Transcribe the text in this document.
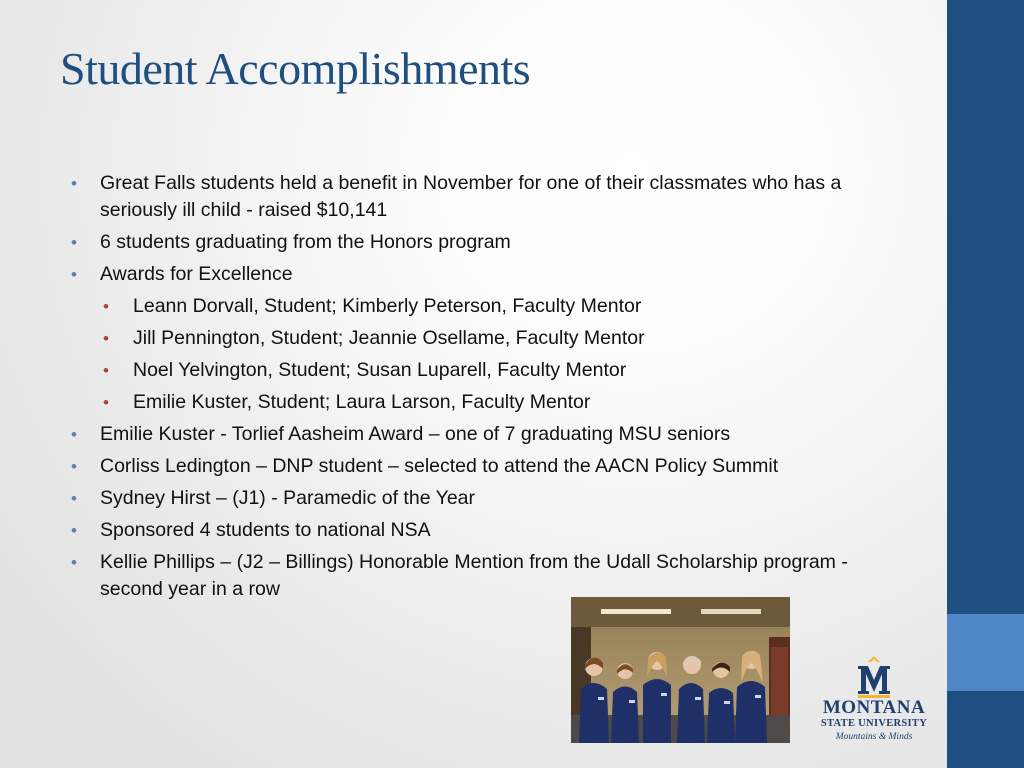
Student Accomplishments
• Great Falls students held a benefit in November for one of their classmates who has a seriously ill child - raised $10,141
• 6 students graduating from the Honors program
• Awards for Excellence
• Leann Dorvall, Student; Kimberly Peterson, Faculty Mentor
• Jill Pennington, Student; Jeannie Osellame, Faculty Mentor
• Noel Yelvington, Student; Susan Luparell, Faculty Mentor
• Emilie Kuster, Student; Laura Larson, Faculty Mentor
• Emilie Kuster - Torlief Aasheim Award – one of 7 graduating MSU seniors
• Corliss Ledington – DNP student – selected to attend the AACN Policy Summit
• Sydney Hirst – (J1) - Paramedic of the Year
• Sponsored 4 students to national NSA
• Kellie Phillips – (J2 – Billings) Honorable Mention from the Udall Scholarship program -second year in a row
MONTANA
STATE UNIVERSITY
Mountains & Minds
